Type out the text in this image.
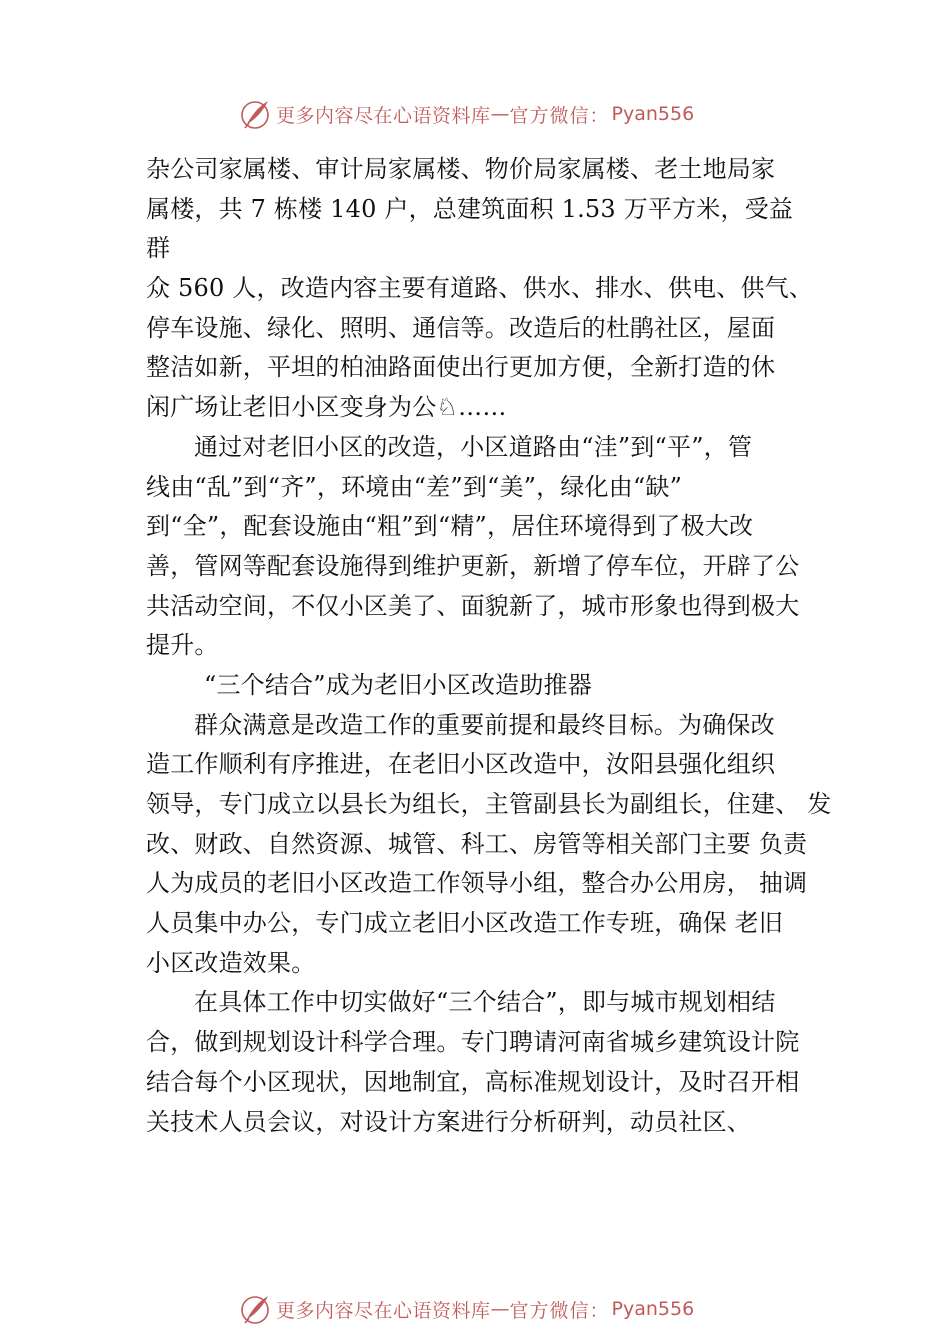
更多内容尽在心语资料库 — 官方微信： Pyan556
杂公司家属楼、审计局家属楼、物价局家属楼、老土地局家
属楼，共 7 栋楼 140 户，总建筑面积 1.53 万平方米，受益
群
众 560 人，改造内容主要有道路、供水、排水、供电、供气、
停车设施、绿化、照明、通信等。改造后的杜鹃社区，屋面
整洁如新，平坦的柏油路面使出行更加方便，全新打造的休
闲广场让老旧小区变身为公♘……
通过对老旧小区的改造，小区道路由“洼”到“平”，管
线由“乱”到“齐”，环境由“差”到“美”，绿化由“缺”
到“全”，配套设施由“粗”到“精”，居住环境得到了极大改
善，管网等配套设施得到维护更新，新增了停车位，开辟了公
共活动空间，不仅小区美了、面貌新了，城市形象也得到极大
提升。
“三个结合”成为老旧小区改造助推器
群众满意是改造工作的重要前提和最终目标。为确保改
造工作顺利有序推进，在老旧小区改造中，汝阳县强化组织
领导，专门成立以县长为组长，主管副县长为副组长，住建、 发
改、财政、自然资源、城管、科工、房管等相关部门主要 负责
人为成员的老旧小区改造工作领导小组，整合办公用房， 抽调
人员集中办公，专门成立老旧小区改造工作专班，确保 老旧
小区改造效果。
在具体工作中切实做好“三个结合”，即与城市规划相结
合，做到规划设计科学合理。专门聘请河南省城乡建筑设计院
结合每个小区现状，因地制宜，高标准规划设计，及时召开相
关技术人员会议，对设计方案进行分析研判，动员社区、
更多内容尽在心语资料库 — 官方微信： Pyan556
